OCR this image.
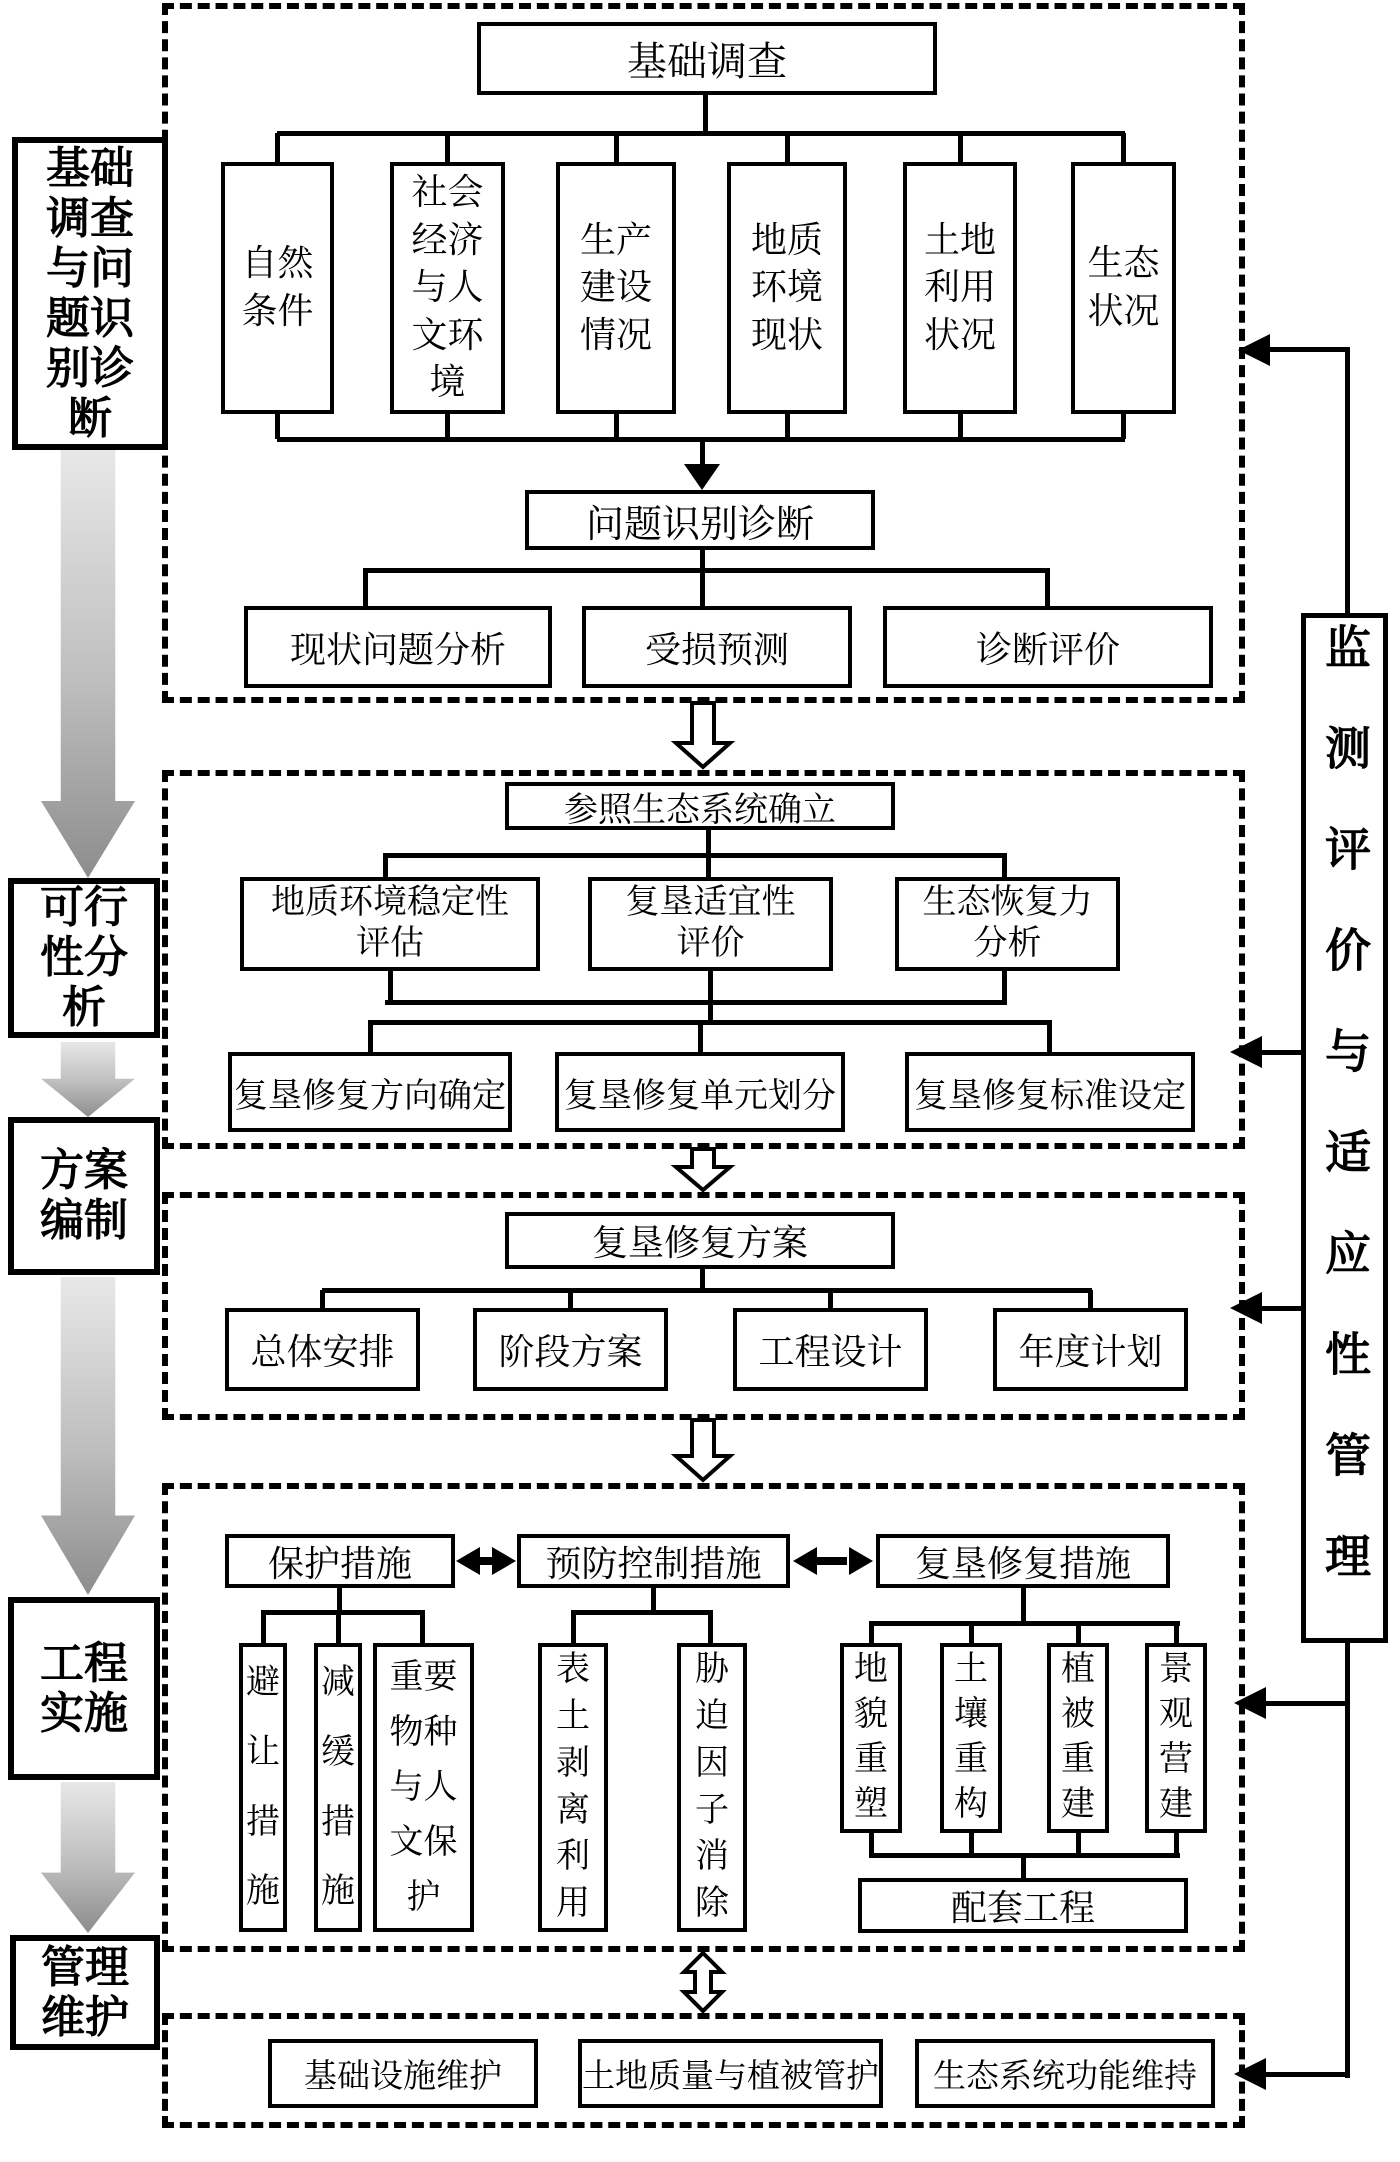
基础调查与问题识别诊断
可行性分析
方案编制
工程实施
管理维护
监测评价与适应性管理
基础调查
自然条件
社会经济与人文环境
生产建设情况
地质环境现状
土地利用状况
生态状况
问题识别诊断
现状问题分析	受损预测	诊断评价
参照生态系统确立
地质环境稳定性评估
复垦适宜性评价
生态恢复力分析
复垦修复方向确定 复垦修复单元划分 复垦修复标准设定
复垦修复方案
总体安排	阶段方案	工程设计	年度计划
保护措施	预防控制措施	复垦修复措施
避让措施
减缓措施
重要物种与人文保护
表土剥离利用
胁迫因子消除
地貌重塑
土壤重构
植被重建
景观营建
配套工程
基础设施维护 土地质量与植被管护 生态系统功能维持
